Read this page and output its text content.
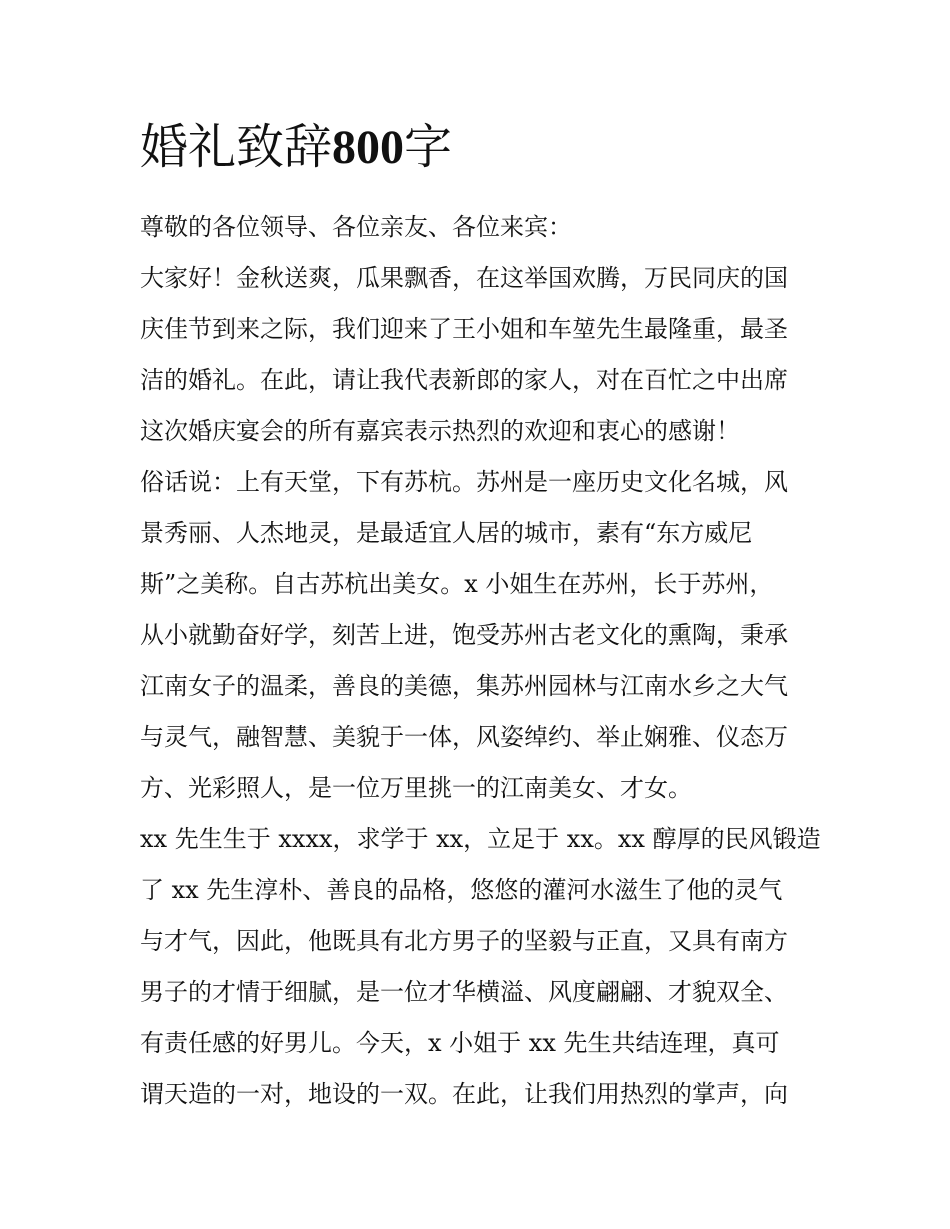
婚礼致辞800字
尊敬的各位领导、各位亲友、各位来宾：
大家好！金秋送爽，瓜果飘香，在这举国欢腾，万民同庆的国
庆佳节到来之际，我们迎来了王小姐和车堃先生最隆重，最圣
洁的婚礼。在此，请让我代表新郎的家人，对在百忙之中出席
这次婚庆宴会的所有嘉宾表示热烈的欢迎和衷心的感谢！
俗话说：上有天堂，下有苏杭。苏州是一座历史文化名城，风
景秀丽、人杰地灵，是最适宜人居的城市，素有“东方威尼
斯”之美称。自古苏杭出美女。x 小姐生在苏州，长于苏州，
从小就勤奋好学，刻苦上进，饱受苏州古老文化的熏陶，秉承
江南女子的温柔，善良的美德，集苏州园林与江南水乡之大气
与灵气，融智慧、美貌于一体，风姿绰约、举止娴雅、仪态万
方、光彩照人，是一位万里挑一的江南美女、才女。
xx 先生生于 xxxx，求学于 xx，立足于 xx。xx 醇厚的民风锻造
了 xx 先生淳朴、善良的品格，悠悠的灌河水滋生了他的灵气
与才气，因此，他既具有北方男子的坚毅与正直，又具有南方
男子的才情于细腻，是一位才华横溢、风度翩翩、才貌双全、
有责任感的好男儿。今天，x 小姐于 xx 先生共结连理，真可
谓天造的一对，地设的一双。在此，让我们用热烈的掌声，向
